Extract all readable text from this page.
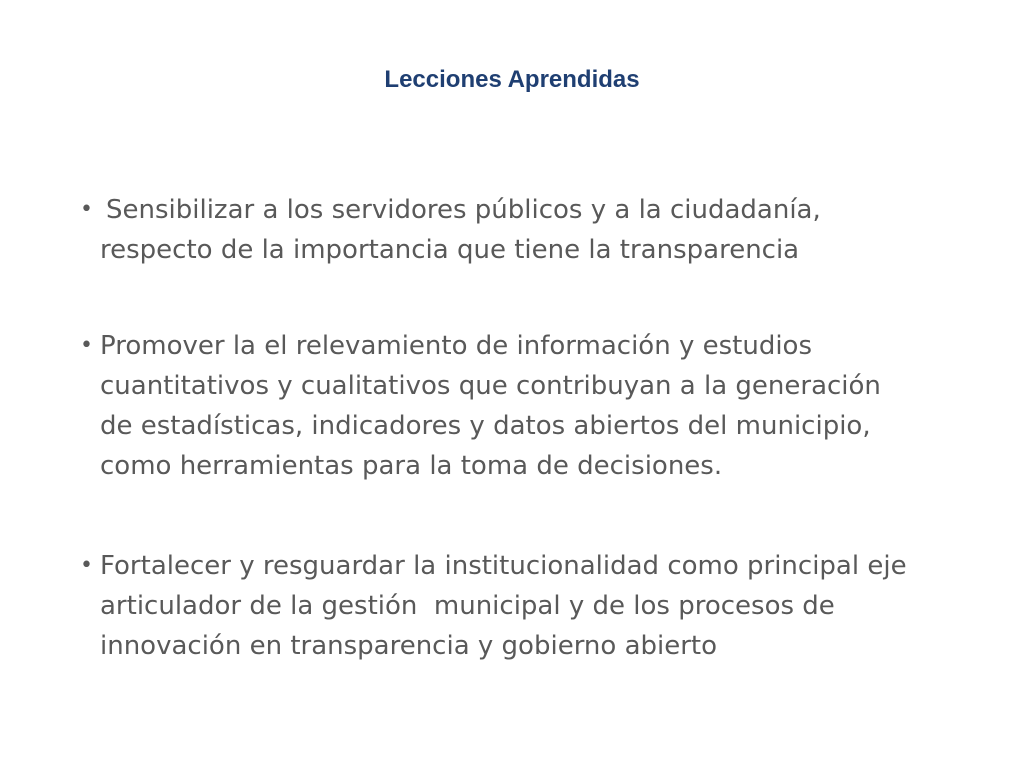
Lecciones Aprendidas
• Sensibilizar a los servidores públicos y a la ciudadanía,
respecto de la importancia que tiene la transparencia
• Promover la el relevamiento de información y estudios
cuantitativos y cualitativos que contribuyan a la generación
de estadísticas, indicadores y datos abiertos del municipio,
como herramientas para la toma de decisiones.
• Fortalecer y resguardar la institucionalidad como principal eje
articulador de la gestión  municipal y de los procesos de
innovación en transparencia y gobierno abierto
